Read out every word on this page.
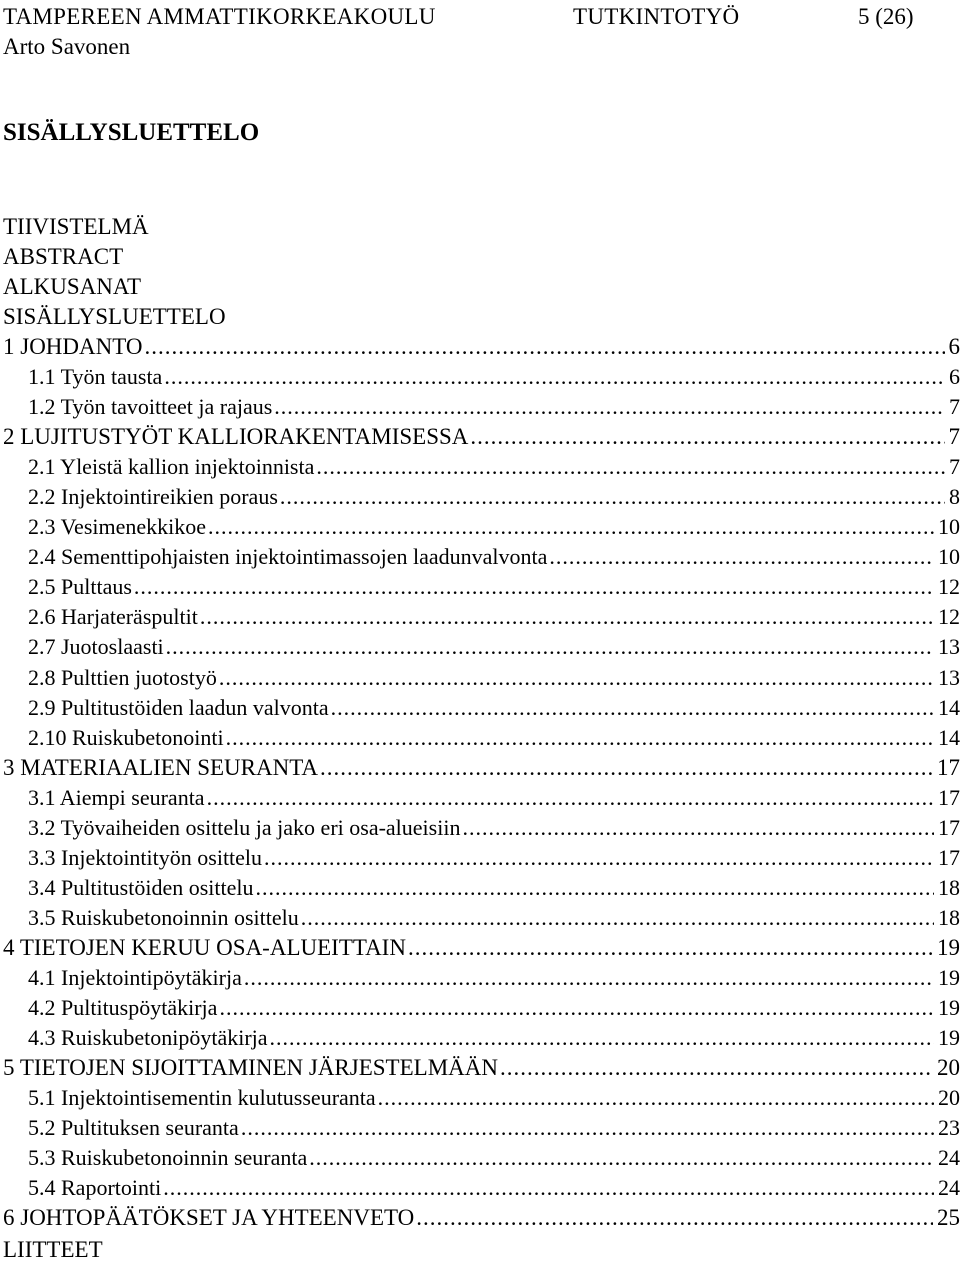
TAMPEREEN AMMATTIKORKEAKOULU	TUTKINTOTYÖ	5 (26)
Arto Savonen
SISÄLLYSLUETTELO
TIIVISTELMÄ
ABSTRACT
ALKUSANAT
SISÄLLYSLUETTELO
1 JOHDANTO .....	6
1.1 Työn tausta .....	6
1.2 Työn tavoitteet ja rajaus .....	7
2 LUJITUSTYÖT KALLIORAKENTAMISESSA .....	7
2.1 Yleistä kallion injektoinnista .....	7
2.2 Injektointireikien poraus .....	8
2.3 Vesimenekkikoe .....	10
2.4 Sementtipohjaisten injektointimassojen laadunvalvonta .....	10
2.5 Pulttaus .....	12
2.6 Harjateräspultit .....	12
2.7 Juotoslaasti .....	13
2.8 Pulttien juotostyö .....	13
2.9 Pultitustöiden laadun valvonta .....	14
2.10 Ruiskubetonointi .....	14
3 MATERIAALIEN SEURANTA .....	17
3.1 Aiempi seuranta .....	17
3.2 Työvaiheiden osittelu ja jako eri osa-alueisiin .....	17
3.3 Injektointityön osittelu .....	17
3.4 Pultitustöiden osittelu .....	18
3.5 Ruiskubetonoinnin osittelu .....	18
4 TIETOJEN KERUU OSA-ALUEITTAIN .....	19
4.1 Injektointipöytäkirja .....	19
4.2 Pultituspöytäkirja .....	19
4.3 Ruiskubetonipöytäkirja .....	19
5 TIETOJEN SIJOITTAMINEN JÄRJESTELMÄÄN .....	20
5.1 Injektointisementin kulutusseuranta .....	20
5.2 Pultituksen seuranta .....	23
5.3 Ruiskubetonoinnin seuranta .....	24
5.4 Raportointi .....	24
6 JOHTOPÄÄTÖKSET JA YHTEENVETO .....	25
LIITTEET
